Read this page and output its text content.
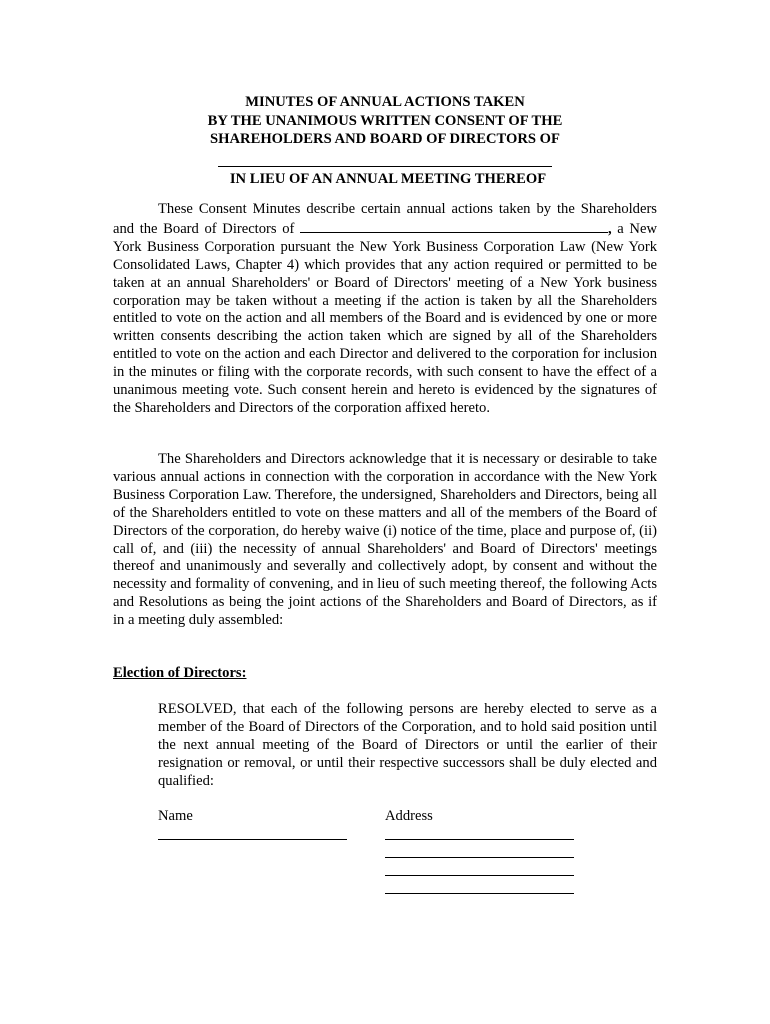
MINUTES OF ANNUAL ACTIONS TAKEN
BY THE UNANIMOUS WRITTEN CONSENT OF THE
SHAREHOLDERS AND BOARD OF DIRECTORS OF
IN LIEU OF AN ANNUAL MEETING THEREOF

These Consent Minutes describe certain annual actions taken by the Shareholders and the Board of Directors of	, a New York Business Corporation pursuant the New York Business Corporation Law (New York Consolidated Laws, Chapter 4) which provides that any action required or permitted to be taken at an annual Shareholders' or Board of Directors' meeting of a New York business corporation may be taken without a meeting if the action is taken by all the Shareholders entitled to vote on the action and all members of the Board and is evidenced by one or more written consents describing the action taken which are signed by all of the Shareholders entitled to vote on the action and each Director and delivered to the corporation for inclusion in the minutes or filing with the corporate records, with such consent to have the effect of a unanimous meeting vote. Such consent herein and hereto is evidenced by the signatures of the Shareholders and Directors of the corporation affixed hereto.

The Shareholders and Directors acknowledge that it is necessary or desirable to take various annual actions in connection with the corporation in accordance with the New York Business Corporation Law. Therefore, the undersigned, Shareholders and Directors, being all of the Shareholders entitled to vote on these matters and all of the members of the Board of Directors of the corporation, do hereby waive (i) notice of the time, place and purpose of, (ii) call of, and (iii) the necessity of annual Shareholders' and Board of Directors' meetings thereof and unanimously and severally and collectively adopt, by consent and without the necessity and formality of convening, and in lieu of such meeting thereof, the following Acts and Resolutions as being the joint actions of the Shareholders and Board of Directors, as if in a meeting duly assembled:

Election of Directors:

RESOLVED, that each of the following persons are hereby elected to serve as a member of the Board of Directors of the Corporation, and to hold said position until the next annual meeting of the Board of Directors or until the earlier of their resignation or removal, or until their respective successors shall be duly elected and qualified:

Name	Address
